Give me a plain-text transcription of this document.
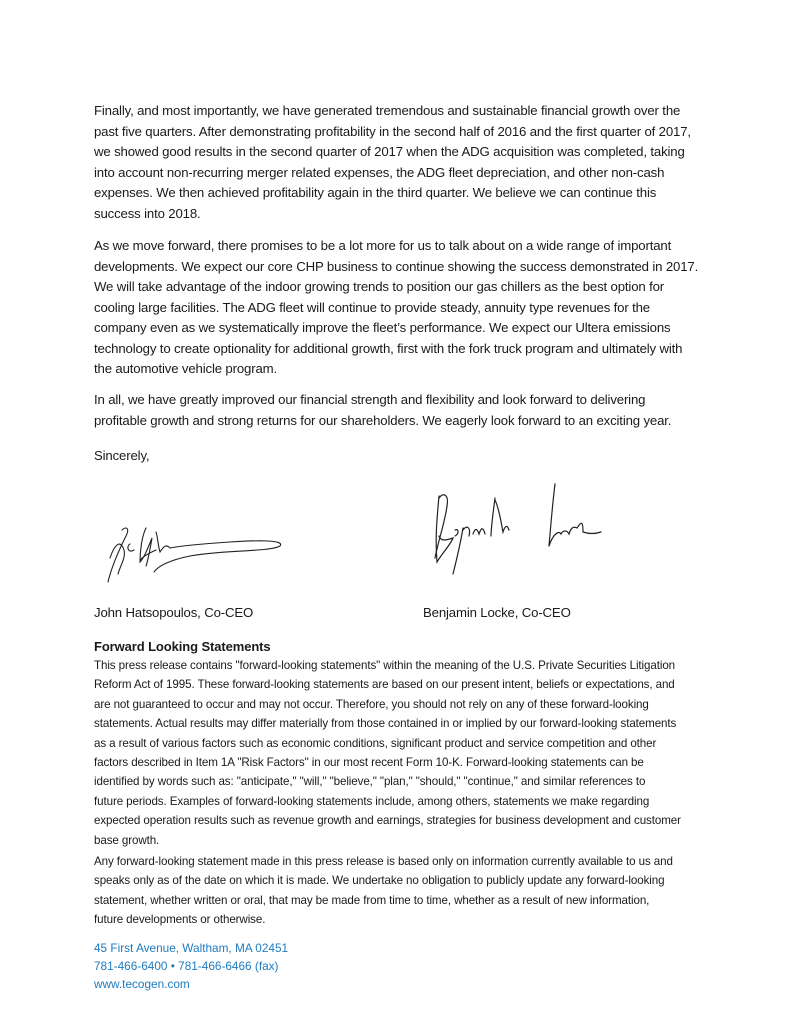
Finally, and most importantly, we have generated tremendous and sustainable financial growth over the
past five quarters. After demonstrating profitability in the second half of 2016 and the first quarter of 2017,
we showed good results in the second quarter of 2017 when the ADG acquisition was completed, taking
into account non-recurring merger related expenses, the ADG fleet depreciation, and other non-cash
expenses. We then achieved profitability again in the third quarter. We believe we can continue this
success into 2018.
As we move forward, there promises to be a lot more for us to talk about on a wide range of important
developments. We expect our core CHP business to continue showing the success demonstrated in 2017.
We will take advantage of the indoor growing trends to position our gas chillers as the best option for
cooling large facilities. The ADG fleet will continue to provide steady, annuity type revenues for the
company even as we systematically improve the fleet’s performance. We expect our Ultera emissions
technology to create optionality for additional growth, first with the fork truck program and ultimately with
the automotive vehicle program.
In all, we have greatly improved our financial strength and flexibility and look forward to delivering
profitable growth and strong returns for our shareholders. We eagerly look forward to an exciting year.
Sincerely,
John Hatsopoulos, Co-CEO	Benjamin Locke, Co-CEO
Forward Looking Statements
This press release contains "forward-looking statements" within the meaning of the U.S. Private Securities Litigation
Reform Act of 1995. These forward-looking statements are based on our present intent, beliefs or expectations, and
are not guaranteed to occur and may not occur. Therefore, you should not rely on any of these forward-looking
statements. Actual results may differ materially from those contained in or implied by our forward-looking statements
as a result of various factors such as economic conditions, significant product and service competition and other
factors described in Item 1A "Risk Factors" in our most recent Form 10-K. Forward-looking statements can be
identified by words such as: "anticipate," "will," "believe," "plan," "should," "continue," and similar references to
future periods. Examples of forward-looking statements include, among others, statements we make regarding
expected operation results such as revenue growth and earnings, strategies for business development and customer
base growth.
Any forward-looking statement made in this press release is based only on information currently available to us and
speaks only as of the date on which it is made. We undertake no obligation to publicly update any forward-looking
statement, whether written or oral, that may be made from time to time, whether as a result of new information,
future developments or otherwise.
45 First Avenue, Waltham, MA 02451
781-466-6400 • 781-466-6466 (fax)
www.tecogen.com
